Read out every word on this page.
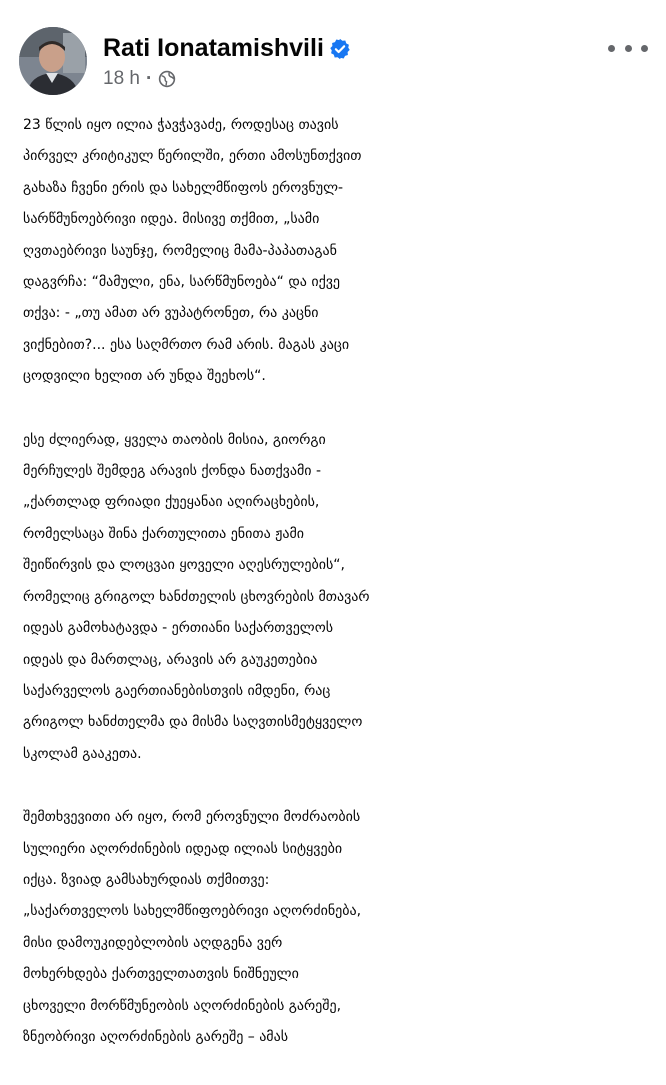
Rati Ionatamishvili
18 h ·
23 წლის იყო ილია ჭავჭავაძე, როდესაც თავის
პირველ კრიტიკულ წერილში, ერთი ამოსუნთქვით
გახაზა ჩვენი ერის და სახელმწიფოს ეროვნულ-
სარწმუნოებრივი იდეა. მისივე თქმით, „სამი
ღვთაებრივი საუნჯე, რომელიც მამა-პაპათაგან
დაგვრჩა: “მამული, ენა, სარწმუნოება“ და იქვე
თქვა: - „თუ ამათ არ ვუპატრონეთ, რა კაცნი
ვიქნებით?... ესა საღმრთო რამ არის. მაგას კაცი
ცოდვილი ხელით არ უნდა შეეხოს“.
ესე ძლიერად, ყველა თაობის მისია, გიორგი
მერჩულეს შემდეგ არავის ქონდა ნათქვამი -
„ქართლად ფრიადი ქუეყანაი აღირაცხების,
რომელსაცა შინა ქართულითა ენითა ჟამი
შეიწირვის და ლოცვაი ყოველი აღესრულების“,
რომელიც გრიგოლ ხანძთელის ცხოვრების მთავარ
იდეას გამოხატავდა - ერთიანი საქართველოს
იდეას და მართლაც, არავის არ გაუკეთებია
საქარველოს გაერთიანებისთვის იმდენი, რაც
გრიგოლ ხანძთელმა და მისმა საღვთისმეტყველო
სკოლამ გააკეთა.
შემთხვევითი არ იყო, რომ ეროვნული მოძრაობის
სულიერი აღორძინების იდეად ილიას სიტყვები
იქცა. ზვიად გამსახურდიას თქმითვე:
„საქართველოს სახელმწიფოებრივი აღორძინება,
მისი დამოუკიდებლობის აღდგენა ვერ
მოხერხდება ქართველთათვის ნიშნეული
ცხოველი მორწმუნეობის აღორძინების გარეშე,
ზნეობრივი აღორძინების გარეშე – ამას
